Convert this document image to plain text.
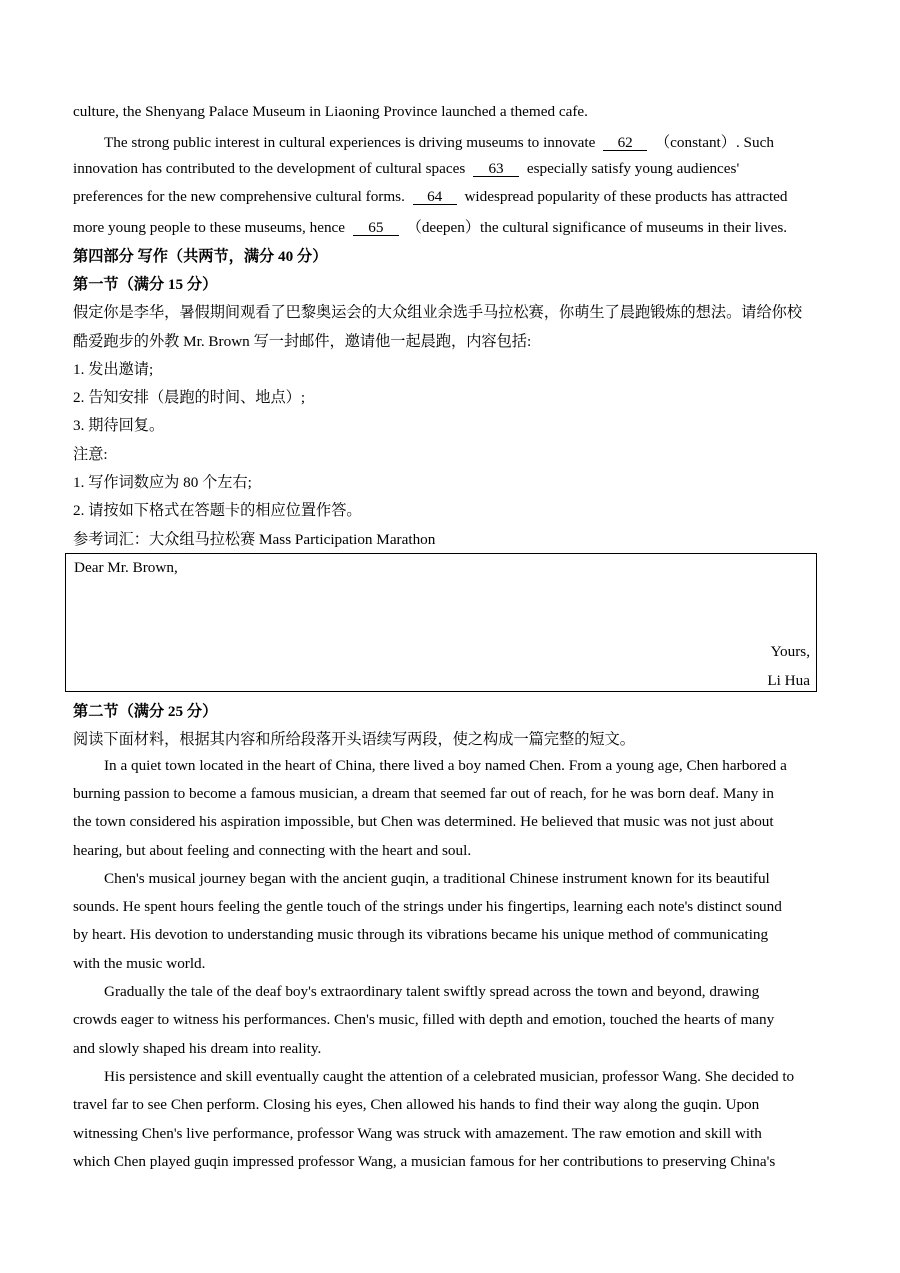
culture, the Shenyang Palace Museum in Liaoning Province launched a themed cafe.
The strong public interest in cultural experiences is driving museums to innovate 62 （constant）. Such
innovation has contributed to the development of cultural spaces 63 especially satisfy young audiences'
preferences for the new comprehensive cultural forms. 64 widespread popularity of these products has attracted
more young people to these museums, hence 65 （deepen）the cultural significance of museums in their lives.
第四部分 写作（共两节，满分 40 分）
第一节（满分 15 分）
假定你是李华，暑假期间观看了巴黎奥运会的大众组业余选手马拉松赛，你萌生了晨跑锻炼的想法。请给你校
酷爱跑步的外教 Mr. Brown 写一封邮件，邀请他一起晨跑，内容包括:
1. 发出邀请;
2. 告知安排（晨跑的时间、地点）;
3. 期待回复。
注意:
1. 写作词数应为 80 个左右;
2. 请按如下格式在答题卡的相应位置作答。
参考词汇：大众组马拉松赛 Mass Participation Marathon
第二节（满分 25 分）
阅读下面材料，根据其内容和所给段落开头语续写两段，使之构成一篇完整的短文。
In a quiet town located in the heart of China, there lived a boy named Chen. From a young age, Chen harbored a
burning passion to become a famous musician, a dream that seemed far out of reach, for he was born deaf. Many in
the town considered his aspiration impossible, but Chen was determined. He believed that music was not just about
hearing, but about feeling and connecting with the heart and soul.
Chen's musical journey began with the ancient guqin, a traditional Chinese instrument known for its beautiful
sounds. He spent hours feeling the gentle touch of the strings under his fingertips, learning each note's distinct sound
by heart. His devotion to understanding music through its vibrations became his unique method of communicating
with the music world.
Gradually the tale of the deaf boy's extraordinary talent swiftly spread across the town and beyond, drawing
crowds eager to witness his performances. Chen's music, filled with depth and emotion, touched the hearts of many
and slowly shaped his dream into reality.
His persistence and skill eventually caught the attention of a celebrated musician, professor Wang. She decided to
travel far to see Chen perform. Closing his eyes, Chen allowed his hands to find their way along the guqin. Upon
witnessing Chen's live performance, professor Wang was struck with amazement. The raw emotion and skill with
which Chen played guqin impressed professor Wang, a musician famous for her contributions to preserving China's
Dear Mr. Brown,
Yours,
Li Hua
